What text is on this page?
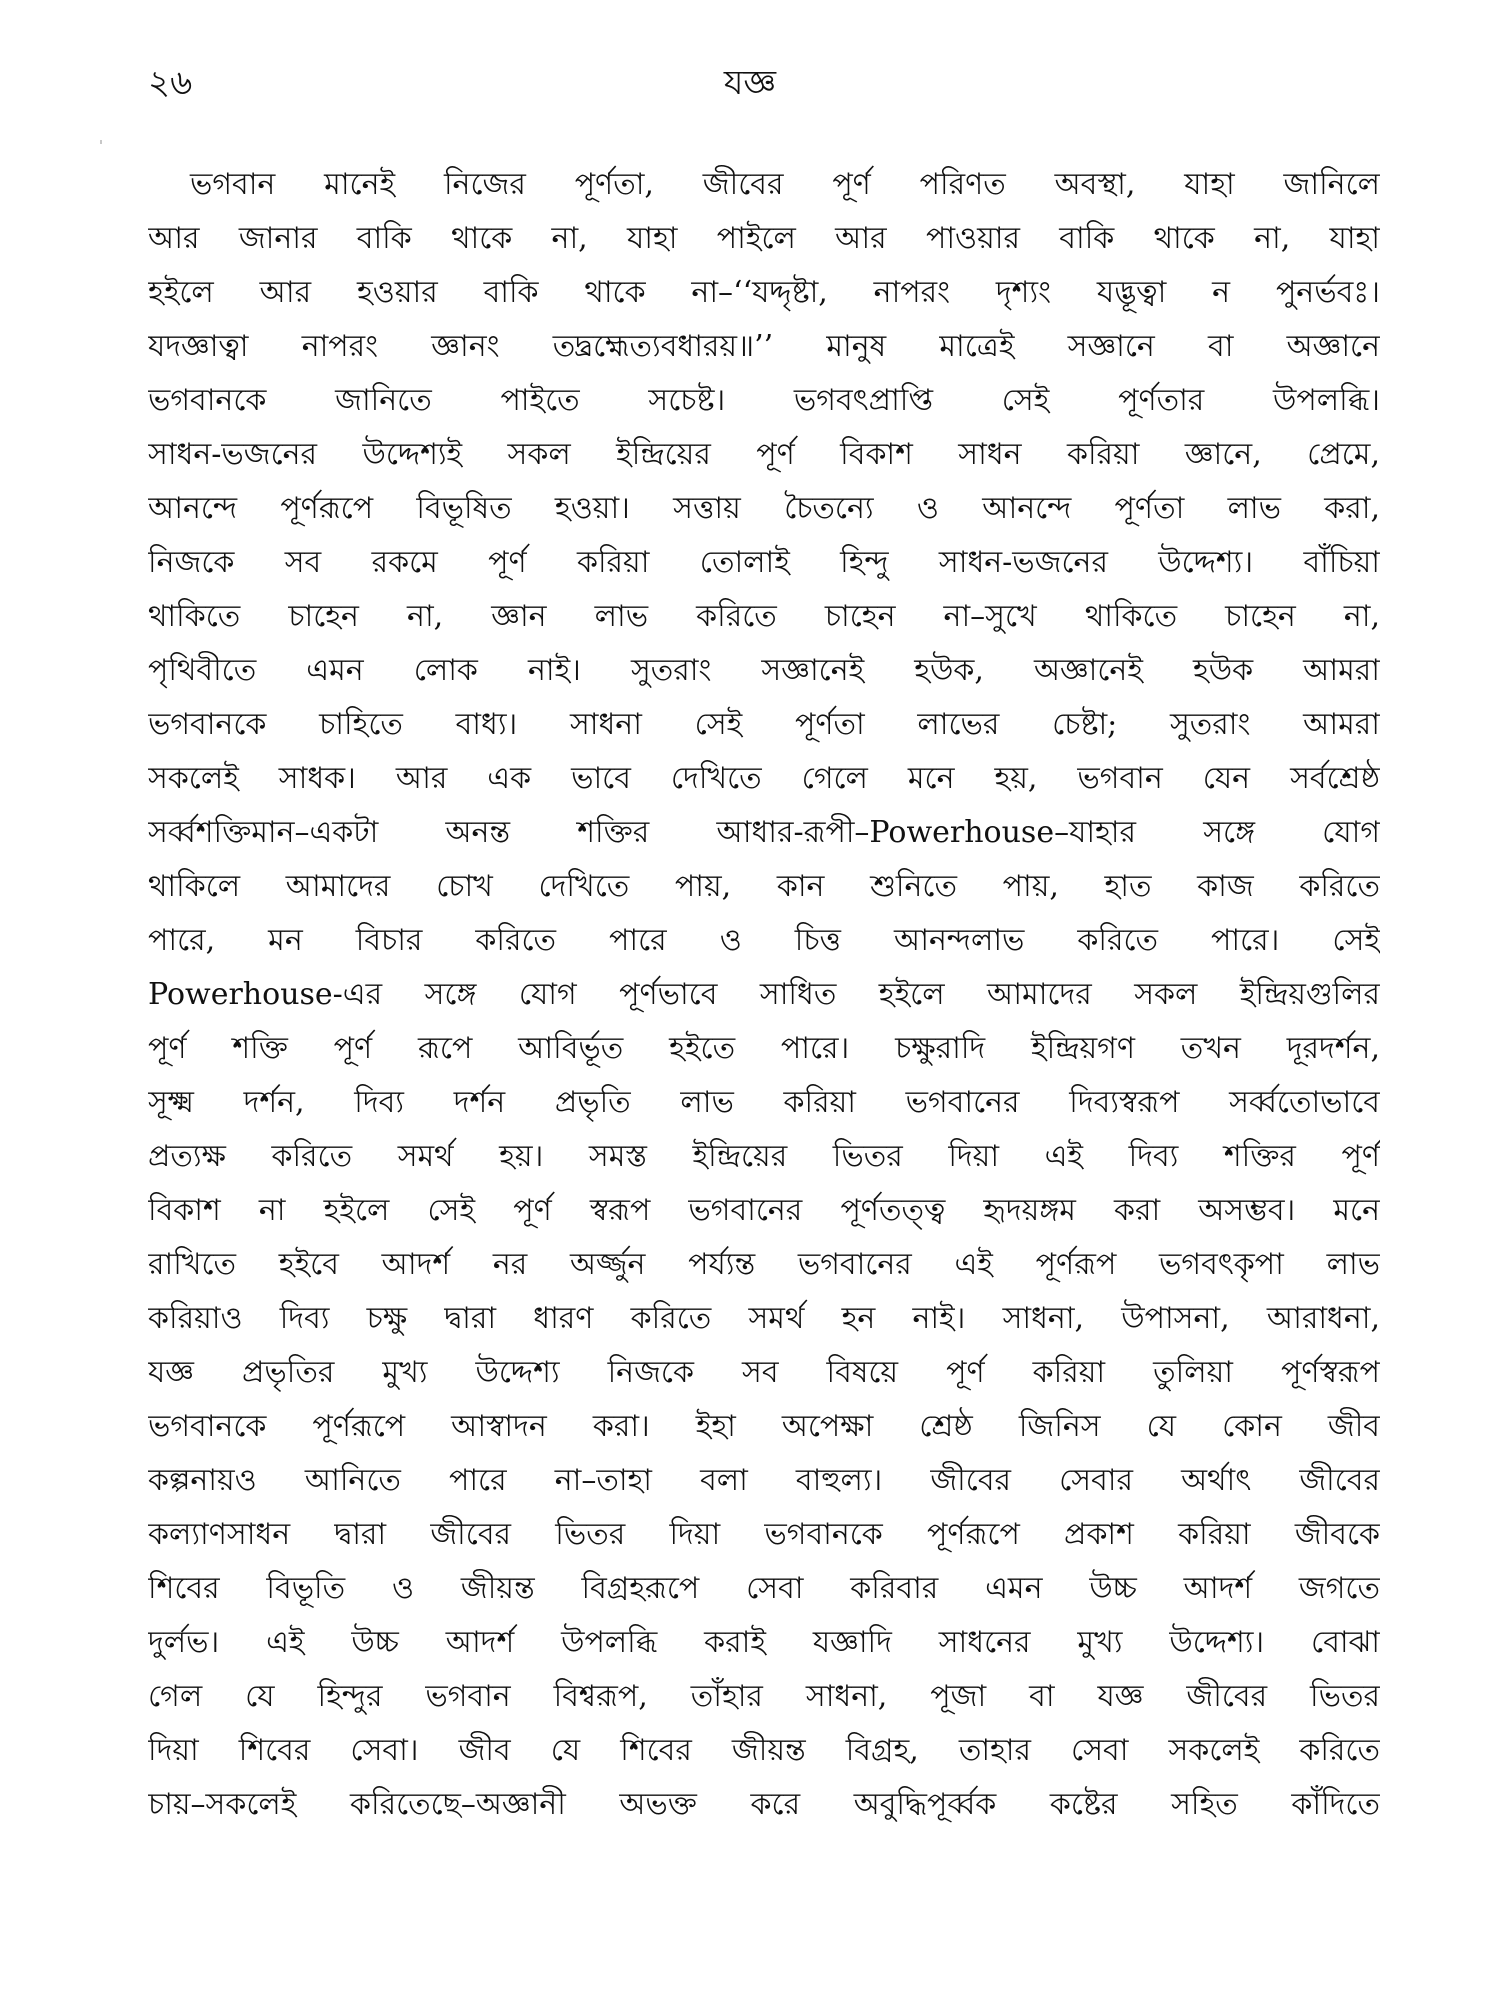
২৬	যজ্ঞ

ভগবান মানেই নিজের পূর্ণতা, জীবের পূর্ণ পরিণত অবস্থা, যাহা জানিলে

আর জানার বাকি থাকে না, যাহা পাইলে আর পাওয়ার বাকি থাকে না, যাহা

হইলে আর হওয়ার বাকি থাকে না–‘‘যদ্দৃষ্টা, নাপরং দৃশ্যং যদ্ভূত্বা ন পুনর্ভবঃ।

যদজ্ঞাত্বা নাপরং জ্ঞানং তদ্ব্রহ্মেত্যবধারয়॥’’ মানুষ মাত্রেই সজ্ঞানে বা অজ্ঞানে

ভগবানকে জানিতে পাইতে সচেষ্ট। ভগবৎপ্রাপ্তি সেই পূর্ণতার উপলব্ধি।

সাধন-ভজনের উদ্দেশ্যই সকল ইন্দ্রিয়ের পূর্ণ বিকাশ সাধন করিয়া জ্ঞানে, প্রেমে,

আনন্দে পূর্ণরূপে বিভূষিত হওয়া। সত্তায় চৈতন্যে ও আনন্দে পূর্ণতা লাভ করা,

নিজকে সব রকমে পূর্ণ করিয়া তোলাই হিন্দু সাধন-ভজনের উদ্দেশ্য। বাঁচিয়া

থাকিতে চাহেন না, জ্ঞান লাভ করিতে চাহেন না–সুখে থাকিতে চাহেন না,

পৃথিবীতে এমন লোক নাই। সুতরাং সজ্ঞানেই হউক, অজ্ঞানেই হউক আমরা

ভগবানকে চাহিতে বাধ্য। সাধনা সেই পূর্ণতা লাভের চেষ্টা; সুতরাং আমরা

সকলেই সাধক। আর এক ভাবে দেখিতে গেলে মনে হয়, ভগবান যেন সর্বশ্রেষ্ঠ

সর্ব্বশক্তিমান–একটা অনন্ত শক্তির আধার-রূপী–Powerhouse–যাহার সঙ্গে যোগ

থাকিলে আমাদের চোখ দেখিতে পায়, কান শুনিতে পায়, হাত কাজ করিতে

পারে, মন বিচার করিতে পারে ও চিত্ত আনন্দলাভ করিতে পারে। সেই

Powerhouse-এর সঙ্গে যোগ পূর্ণভাবে সাধিত হইলে আমাদের সকল ইন্দ্রিয়গুলির

পূর্ণ শক্তি পূর্ণ রূপে আবির্ভূত হইতে পারে। চক্ষুরাদি ইন্দ্রিয়গণ তখন দূরদর্শন,

সূক্ষ্ম দর্শন, দিব্য দর্শন প্রভৃতি লাভ করিয়া ভগবানের দিব্যস্বরূপ সর্ব্বতোভাবে

প্রত্যক্ষ করিতে সমর্থ হয়। সমস্ত ইন্দ্রিয়ের ভিতর দিয়া এই দিব্য শক্তির পূর্ণ

বিকাশ না হইলে সেই পূর্ণ স্বরূপ ভগবানের পূর্ণতত্ত্ব হৃদয়ঙ্গম করা অসম্ভব। মনে

রাখিতে হইবে আদর্শ নর অর্জ্জুন পর্য্যন্ত ভগবানের এই পূর্ণরূপ ভগবৎকৃপা লাভ

করিয়াও দিব্য চক্ষু দ্বারা ধারণ করিতে সমর্থ হন নাই। সাধনা, উপাসনা, আরাধনা,

যজ্ঞ প্রভৃতির মুখ্য উদ্দেশ্য নিজকে সব বিষয়ে পূর্ণ করিয়া তুলিয়া পূর্ণস্বরূপ

ভগবানকে পূর্ণরূপে আস্বাদন করা। ইহা অপেক্ষা শ্রেষ্ঠ জিনিস যে কোন জীব

কল্পনায়ও আনিতে পারে না–তাহা বলা বাহুল্য। জীবের সেবার অর্থাৎ জীবের

কল্যাণসাধন দ্বারা জীবের ভিতর দিয়া ভগবানকে পূর্ণরূপে প্রকাশ করিয়া জীবকে

শিবের বিভূতি ও জীয়ন্ত বিগ্রহরূপে সেবা করিবার এমন উচ্চ আদর্শ জগতে

দুর্লভ। এই উচ্চ আদর্শ উপলব্ধি করাই যজ্ঞাদি সাধনের মুখ্য উদ্দেশ্য। বোঝা

গেল যে হিন্দুর ভগবান বিশ্বরূপ, তাঁহার সাধনা, পূজা বা যজ্ঞ জীবের ভিতর

দিয়া শিবের সেবা। জীব যে শিবের জীয়ন্ত বিগ্রহ, তাহার সেবা সকলেই করিতে

চায়–সকলেই করিতেছে–অজ্ঞানী অভক্ত করে অবুদ্ধিপূর্ব্বক কষ্টের সহিত কাঁদিতে
